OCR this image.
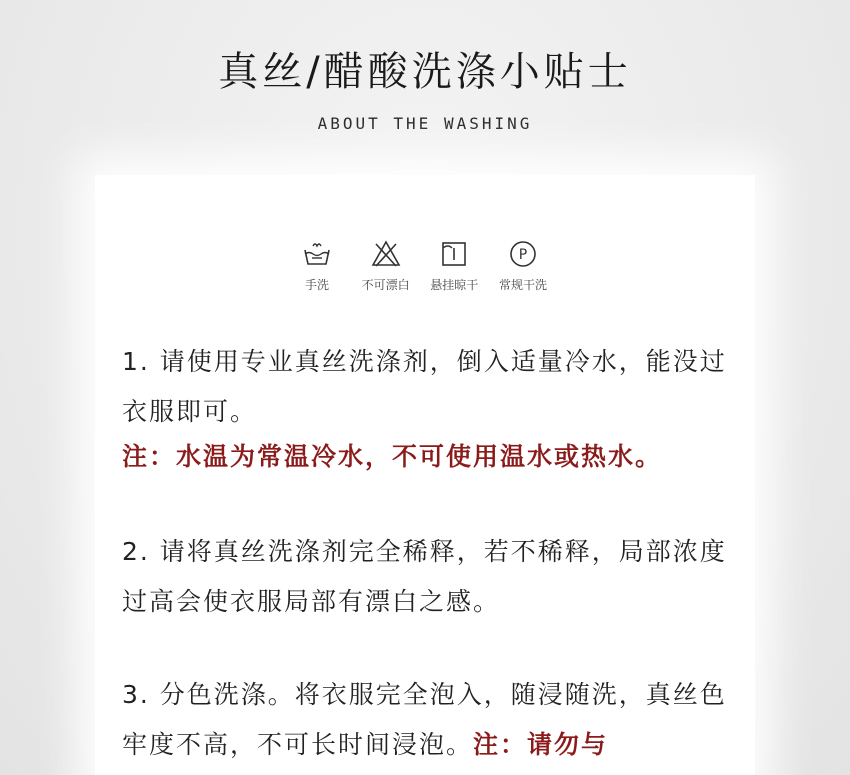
真丝/醋酸洗涤小贴士
ABOUT THE WASHING
手洗	不可漂白 悬挂晾干
P
常规干洗
1. 请使用专业真丝洗涤剂，倒入适量冷水，能没过衣服即可。
注：水温为常温冷水，不可使用温水或热水。
2. 请将真丝洗涤剂完全稀释，若不稀释，局部浓度过高会使衣服局部有漂白之感。
3. 分色洗涤。将衣服完全泡入，随浸随洗，真丝色牢度不高，不可长时间浸泡。注：请勿与
